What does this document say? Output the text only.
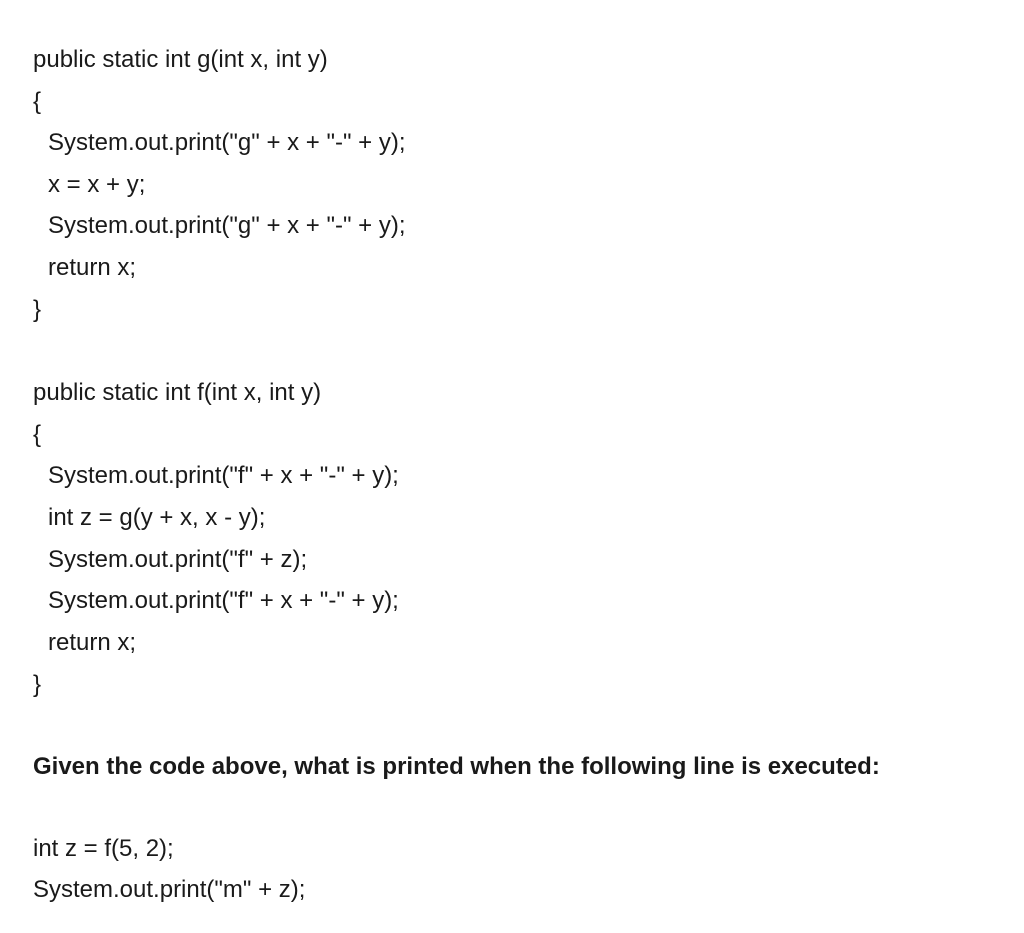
public static int g(int x, int y)
{
System.out.print("g" + x + "-" + y);
x = x + y;
System.out.print("g" + x + "-" + y);
return x;
}
public static int f(int x, int y)
{
System.out.print("f" + x + "-" + y);
int z = g(y + x, x - y);
System.out.print("f" + z);
System.out.print("f" + x + "-" + y);
return x;
}
Given the code above, what is printed when the following line is executed:
int z = f(5, 2);
System.out.print("m" + z);
